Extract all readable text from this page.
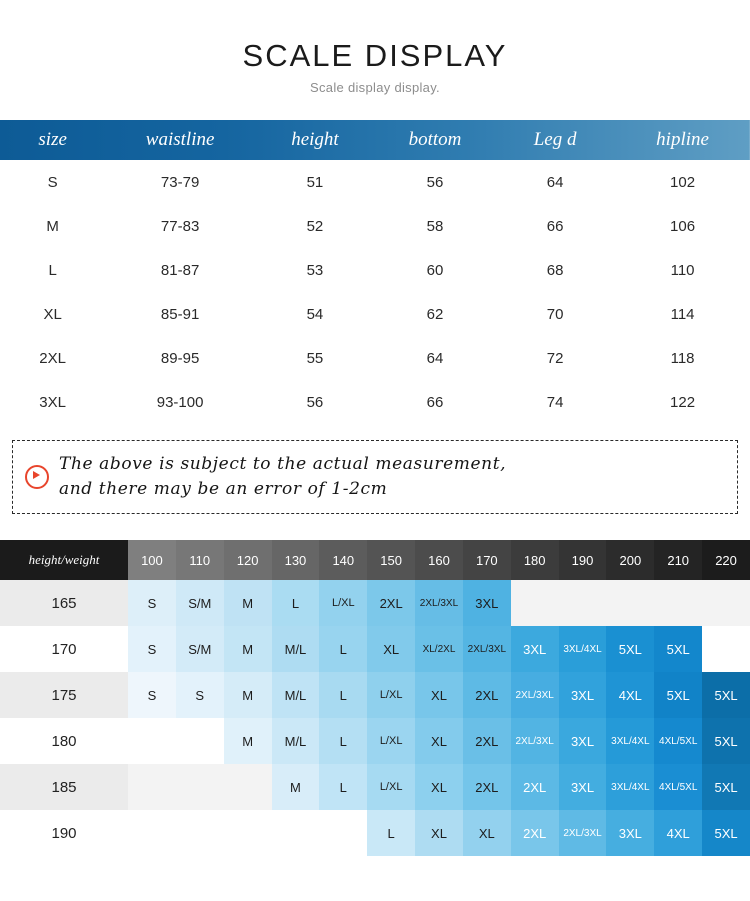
SCALE DISPLAY
Scale display display.
size	waistline	height	bottom	Leg d	hipline
S	73-79	51	56	64	102
M	77-83	52	58	66	106
L	81-87	53	60	68	110
XL	85-91	54	62	70	114
2XL	89-95	55	64	72	118
3XL	93-100	56	66	74	122
The above is subject to the actual measurement,
and there may be an error of 1-2cm
height/weight	100	110	120	130	140	150	160	170	180	190	200	210	220
165	S	S/M	M	L	L/XL	2XL	2XL/3XL	3XL					
170	S	S/M	M	M/L	L	XL	XL/2XL	2XL/3XL	3XL	3XL/4XL	5XL	5XL	
175	S	S	M	M/L	L	L/XL	XL	2XL	2XL/3XL	3XL	4XL	5XL	5XL
180			M	M/L	L	L/XL	XL	2XL	2XL/3XL	3XL	3XL/4XL	4XL/5XL	5XL
185				M	L	L/XL	XL	2XL	2XL	3XL	3XL/4XL	4XL/5XL	5XL
190						L	XL	XL	2XL	2XL/3XL	3XL	4XL	5XL
